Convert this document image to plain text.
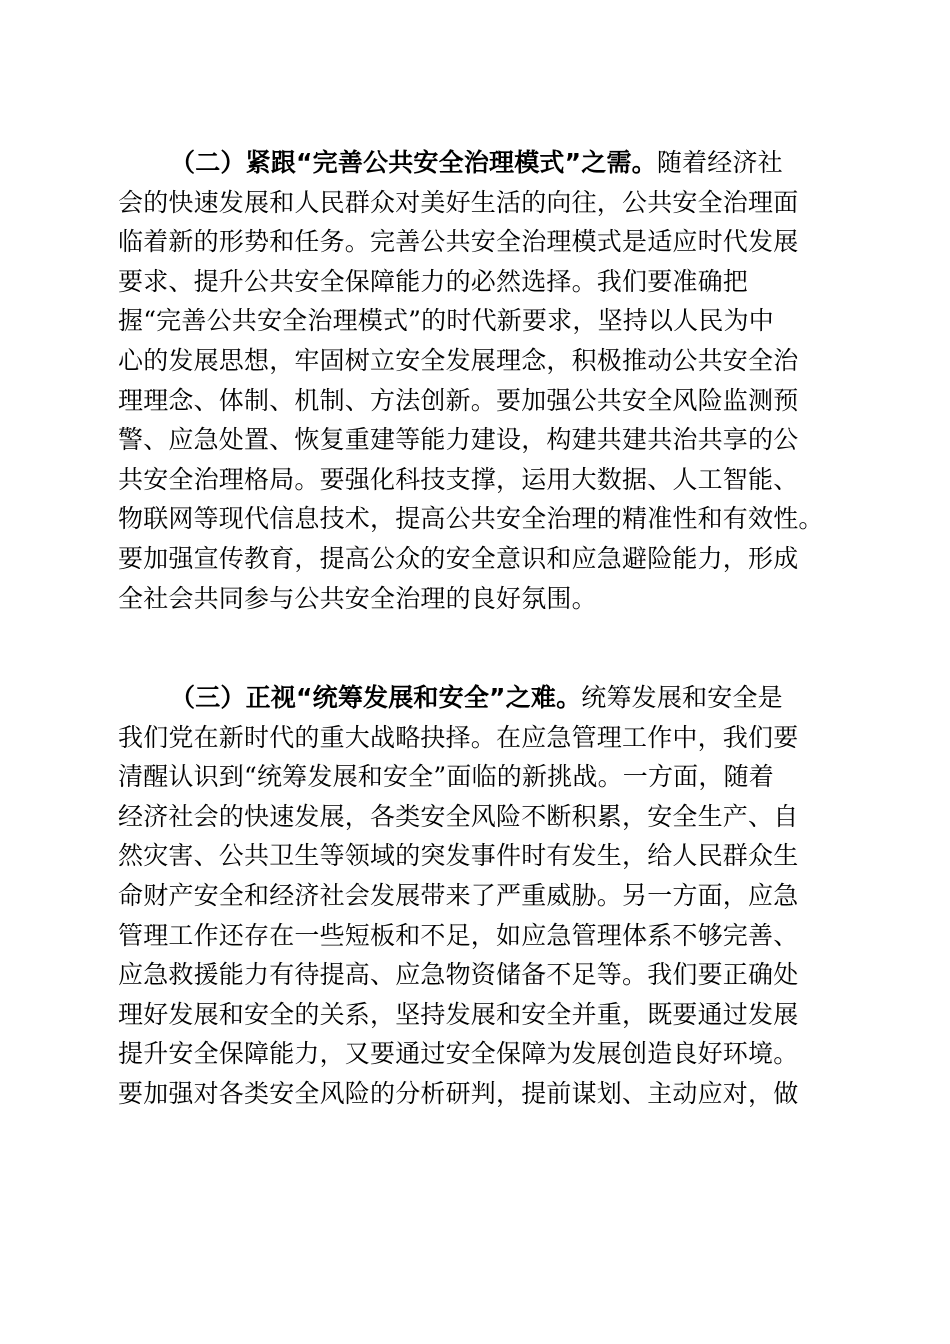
（二）紧跟“完善公共安全治理模式”之需。随着经济社
会的快速发展和人民群众对美好生活的向往，公共安全治理面
临着新的形势和任务。完善公共安全治理模式是适应时代发展
要求、提升公共安全保障能力的必然选择。我们要准确把
握“完善公共安全治理模式”的时代新要求，坚持以人民为中
心的发展思想，牢固树立安全发展理念，积极推动公共安全治
理理念、体制、机制、方法创新。要加强公共安全风险监测预
警、应急处置、恢复重建等能力建设，构建共建共治共享的公
共安全治理格局。要强化科技支撑，运用大数据、人工智能、
物联网等现代信息技术，提高公共安全治理的精准性和有效性。
要加强宣传教育，提高公众的安全意识和应急避险能力，形成
全社会共同参与公共安全治理的良好氛围。
（三）正视“统筹发展和安全”之难。统筹发展和安全是
我们党在新时代的重大战略抉择。在应急管理工作中，我们要
清醒认识到“统筹发展和安全”面临的新挑战。一方面，随着
经济社会的快速发展，各类安全风险不断积累，安全生产、自
然灾害、公共卫生等领域的突发事件时有发生，给人民群众生
命财产安全和经济社会发展带来了严重威胁。另一方面，应急
管理工作还存在一些短板和不足，如应急管理体系不够完善、
应急救援能力有待提高、应急物资储备不足等。我们要正确处
理好发展和安全的关系，坚持发展和安全并重，既要通过发展
提升安全保障能力，又要通过安全保障为发展创造良好环境。
要加强对各类安全风险的分析研判，提前谋划、主动应对，做
